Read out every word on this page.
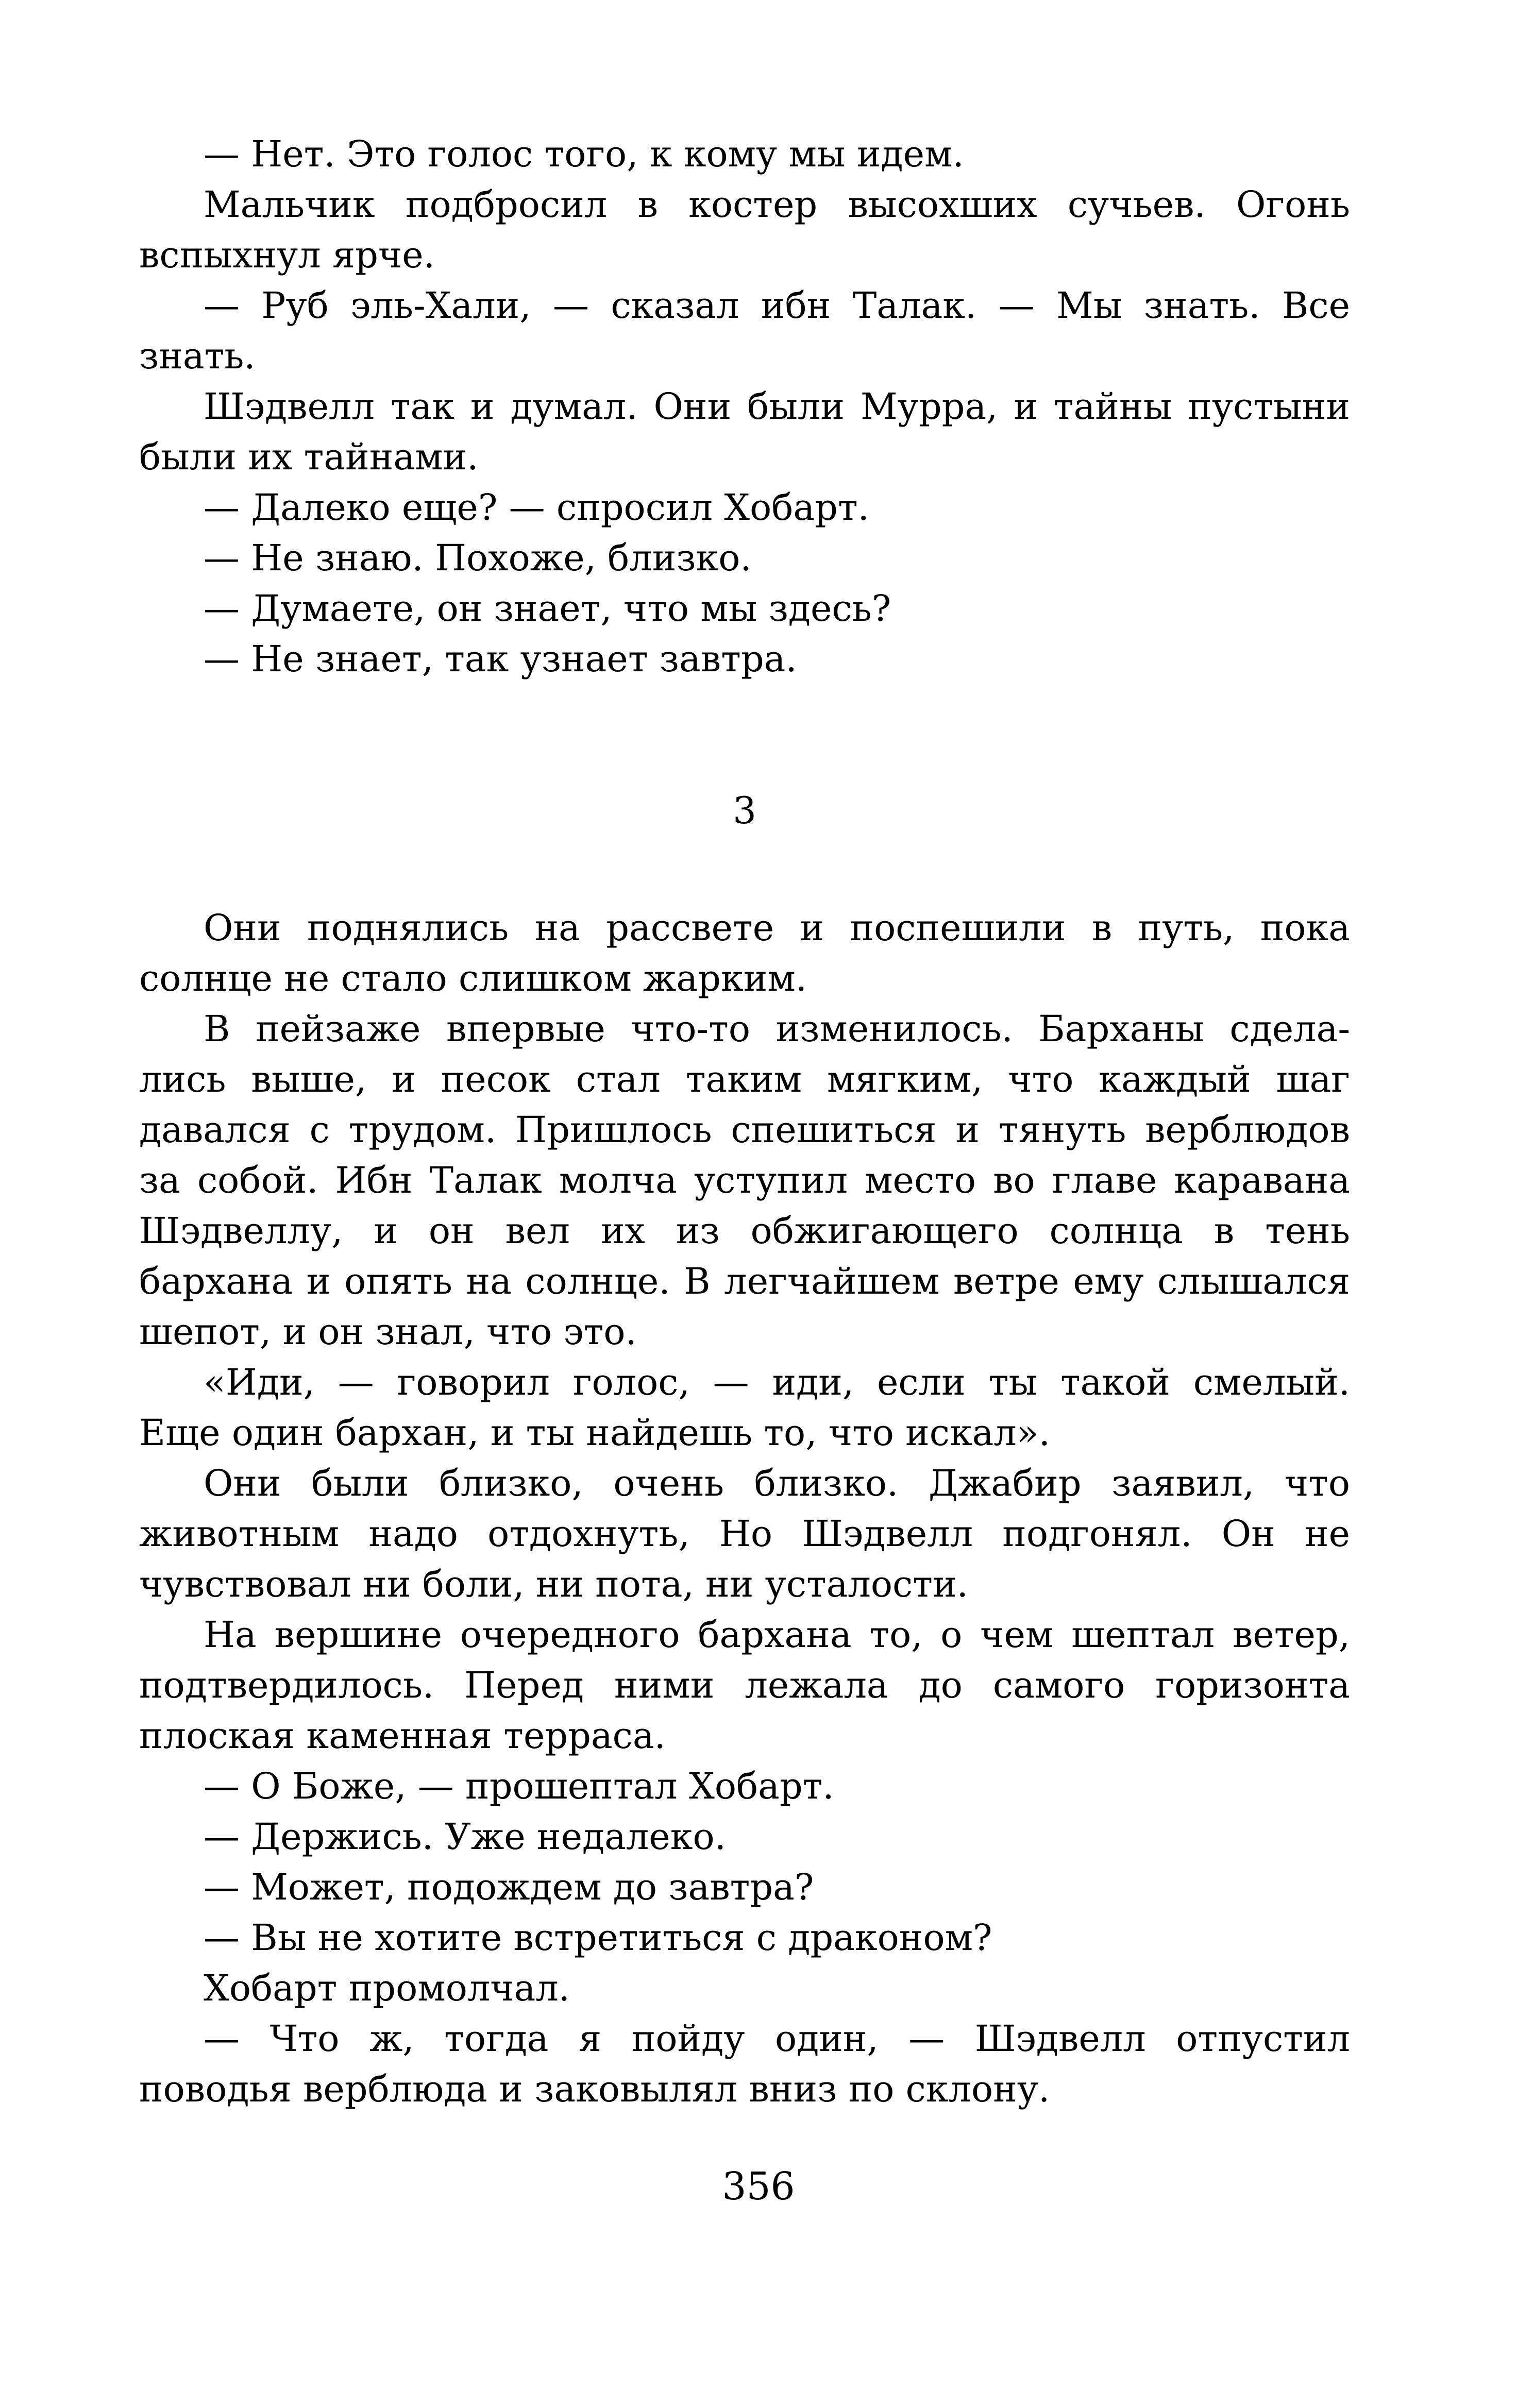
— Нет. Это голос того, к кому мы идем.
Мальчик подбросил в костер высохших сучьев. Огонь
вспыхнул ярче.
— Руб эль-Хали, — сказал ибн Талак. — Мы знать. Все
знать.
Шэдвелл так и думал. Они были Мурра, и тайны пустыни
были их тайнами.
— Далеко еще? — спросил Хобарт.
— Не знаю. Похоже, близко.
— Думаете, он знает, что мы здесь?
— Не знает, так узнает завтра.
3
Они поднялись на рассвете и поспешили в путь, пока
солнце не стало слишком жарким.
В пейзаже впервые что-то изменилось. Барханы сдела-
лись выше, и песок стал таким мягким, что каждый шаг
давался с трудом. Пришлось спешиться и тянуть верблюдов
за собой. Ибн Талак молча уступил место во главе каравана
Шэдвеллу, и он вел их из обжигающего солнца в тень
бархана и опять на солнце. В легчайшем ветре ему слышался
шепот, и он знал, что это.
«Иди, — говорил голос, — иди, если ты такой смелый.
Еще один бархан, и ты найдешь то, что искал».
Они были близко, очень близко. Джабир заявил, что
животным надо отдохнуть, Но Шэдвелл подгонял. Он не
чувствовал ни боли, ни пота, ни усталости.
На вершине очередного бархана то, о чем шептал ветер,
подтвердилось. Перед ними лежала до самого горизонта
плоская каменная терраса.
— О Боже, — прошептал Хобарт.
— Держись. Уже недалеко.
— Может, подождем до завтра?
— Вы не хотите встретиться с драконом?
Хобарт промолчал.
— Что ж, тогда я пойду один, — Шэдвелл отпустил
поводья верблюда и заковылял вниз по склону.
356
